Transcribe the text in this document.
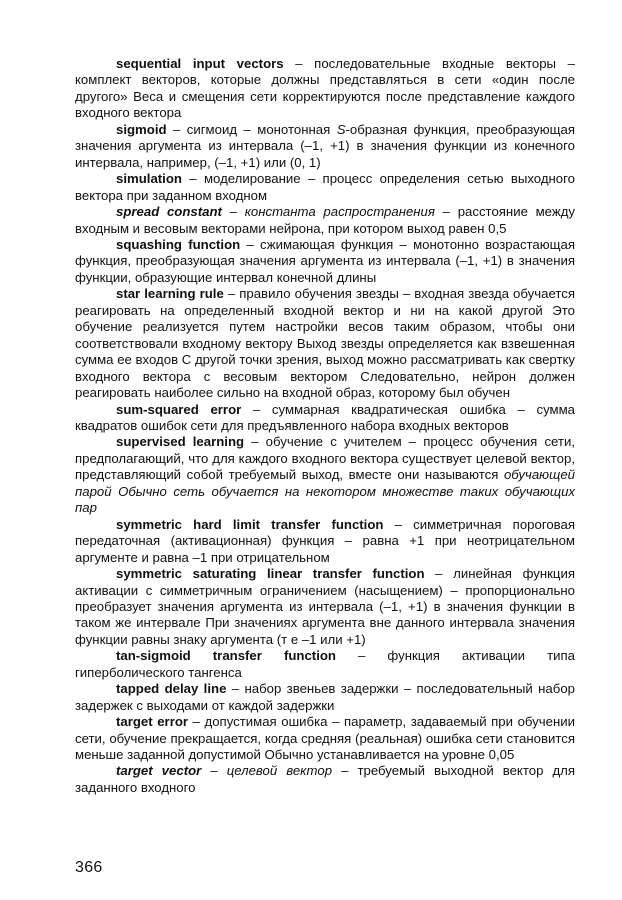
sequential input vectors – последовательные входные векторы – комплект векторов, которые должны представляться в сети «один после другого» Веса и смещения сети корректируются после представление каждого входного вектора

sigmoid – сигмоид – монотонная S-образная функция, преобразующая значения аргумента из интервала (–1, +1) в значения функции из конечного интервала, например, (–1, +1) или (0, 1)

simulation – моделирование – процесс определения сетью выходного вектора при заданном входном

spread constant – константа распространения – расстояние между входным и весовым векторами нейрона, при котором выход равен 0,5

squashing function – сжимающая функция – монотонно возрастающая функция, преобразующая значения аргумента из интервала (–1, +1) в значения функции, образующие интервал конечной длины

star learning rule – правило обучения звезды – входная звезда обучается реагировать на определенный входной вектор и ни на какой другой Это обучение реализуется путем настройки весов таким образом, чтобы они соответствовали входному вектору Выход звезды определяется как взвешенная сумма ее входов С другой точки зрения, выход можно рассматривать как свертку входного вектора с весовым вектором Следовательно, нейрон должен реагировать наиболее сильно на входной образ, которому был обучен

sum-squared error – суммарная квадратическая ошибка – сумма квадратов ошибок сети для предъявленного набора входных векторов

supervised learning – обучение с учителем – процесс обучения сети, предполагающий, что для каждого входного вектора существует целевой вектор, представляющий собой требуемый выход, вместе они называются обучающей парой Обычно сеть обучается на некотором множестве таких обучающих пар

symmetric hard limit transfer function – симметричная пороговая передаточная (активационная) функция – равна +1 при неотрицательном аргументе и равна –1 при отрицательном

symmetric saturating linear transfer function – линейная функция активации с симметричным ограничением (насыщением) – пропорционально преобразует значения аргумента из интервала (–1, +1) в значения функции в таком же интервале При значениях аргумента вне данного интервала значения функции равны знаку аргумента (т е –1 или +1)

tan-sigmoid transfer function – функция активации типа гиперболического тангенса

tapped delay line – набор звеньев задержки – последовательный набор задержек с выходами от каждой задержки

target error – допустимая ошибка – параметр, задаваемый при обучении сети, обучение прекращается, когда средняя (реальная) ошибка сети становится меньше заданной допустимой Обычно устанавливается на уровне 0,05

target vector – целевой вектор – требуемый выходной вектор для заданного входного

366
